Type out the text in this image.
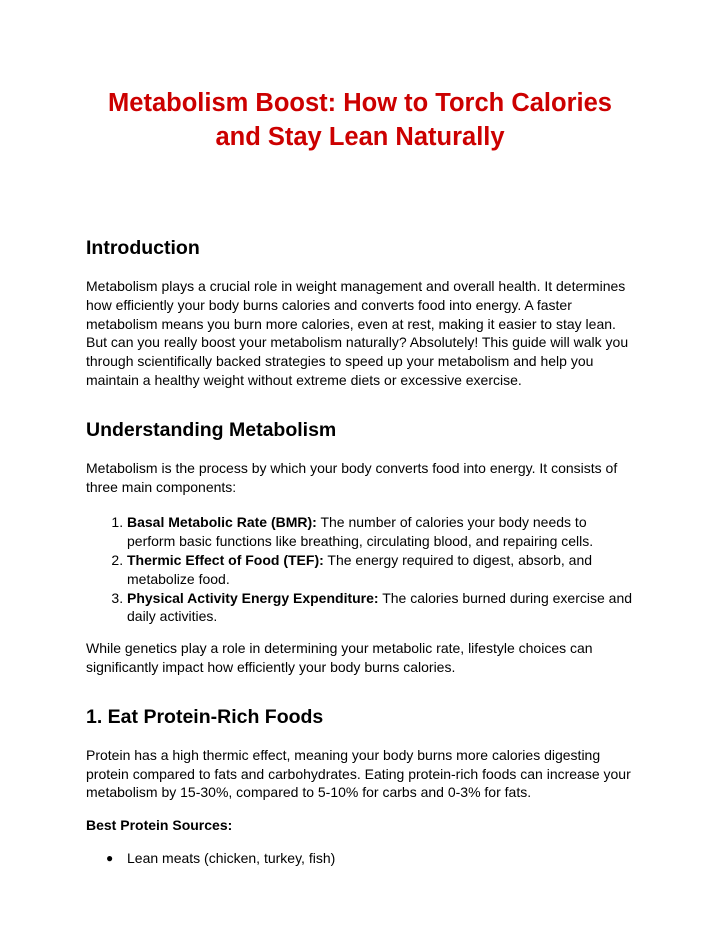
Metabolism Boost: How to Torch Calories and Stay Lean Naturally
Introduction

Metabolism plays a crucial role in weight management and overall health. It determines how efficiently your body burns calories and converts food into energy. A faster metabolism means you burn more calories, even at rest, making it easier to stay lean. But can you really boost your metabolism naturally? Absolutely! This guide will walk you through scientifically backed strategies to speed up your metabolism and help you maintain a healthy weight without extreme diets or excessive exercise.

Understanding Metabolism

Metabolism is the process by which your body converts food into energy. It consists of three main components:

1. Basal Metabolic Rate (BMR): The number of calories your body needs to perform basic functions like breathing, circulating blood, and repairing cells.
2. Thermic Effect of Food (TEF): The energy required to digest, absorb, and metabolize food.
3. Physical Activity Energy Expenditure: The calories burned during exercise and daily activities.

While genetics play a role in determining your metabolic rate, lifestyle choices can significantly impact how efficiently your body burns calories.

1. Eat Protein-Rich Foods

Protein has a high thermic effect, meaning your body burns more calories digesting protein compared to fats and carbohydrates. Eating protein-rich foods can increase your metabolism by 15-30%, compared to 5-10% for carbs and 0-3% for fats.

Best Protein Sources:
● Lean meats (chicken, turkey, fish)
